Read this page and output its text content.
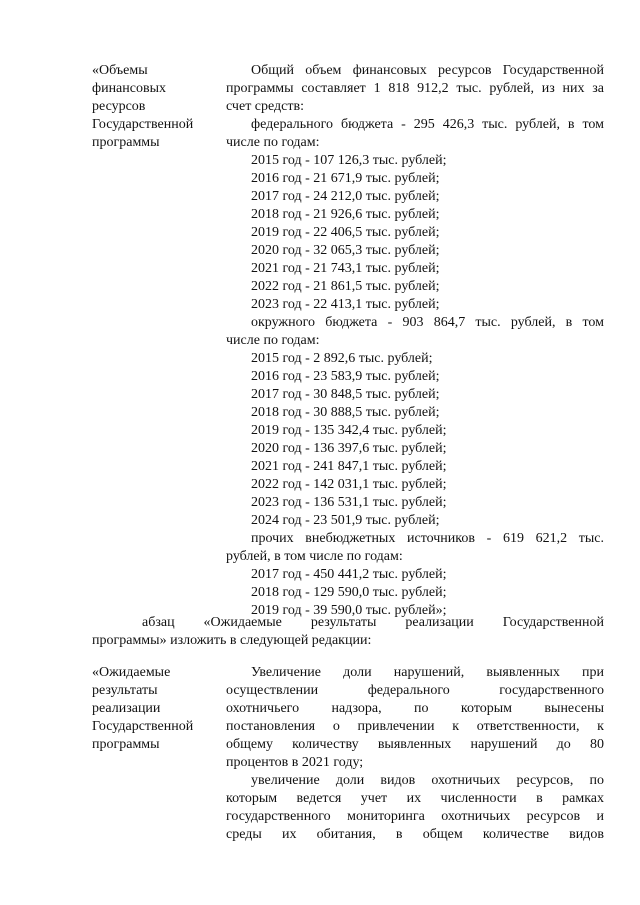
«Объемы
финансовых
ресурсов
Государственной
программы
Общий объем финансовых ресурсов Государственной
программы составляет 1 818 912,2 тыс. рублей, из них за
счет средств:
федерального бюджета - 295 426,3 тыс. рублей, в том
числе по годам:
2015 год - 107 126,3 тыс. рублей;
2016 год - 21 671,9 тыс. рублей;
2017 год - 24 212,0 тыс. рублей;
2018 год - 21 926,6 тыс. рублей;
2019 год - 22 406,5 тыс. рублей;
2020 год - 32 065,3 тыс. рублей;
2021 год - 21 743,1 тыс. рублей;
2022 год - 21 861,5 тыс. рублей;
2023 год - 22 413,1 тыс. рублей;
окружного бюджета - 903 864,7 тыс. рублей, в том
числе по годам:
2015 год - 2 892,6 тыс. рублей;
2016 год - 23 583,9 тыс. рублей;
2017 год - 30 848,5 тыс. рублей;
2018 год - 30 888,5 тыс. рублей;
2019 год - 135 342,4 тыс. рублей;
2020 год - 136 397,6 тыс. рублей;
2021 год - 241 847,1 тыс. рублей;
2022 год - 142 031,1 тыс. рублей;
2023 год - 136 531,1 тыс. рублей;
2024 год - 23 501,9 тыс. рублей;
прочих внебюджетных источников - 619 621,2 тыс.
рублей, в том числе по годам:
2017 год - 450 441,2 тыс. рублей;
2018 год - 129 590,0 тыс. рублей;
2019 год - 39 590,0 тыс. рублей»;
абзац «Ожидаемые результаты реализации Государственной
программы» изложить в следующей редакции:
«Ожидаемые
результаты
реализации
Государственной
программы
Увеличение доли нарушений, выявленных при
осуществлении федерального государственного
охотничьего надзора, по которым вынесены
постановления о привлечении к ответственности, к
общему количеству выявленных нарушений до 80
процентов в 2021 году;
увеличение доли видов охотничьих ресурсов, по
которым ведется учет их численности в рамках
государственного мониторинга охотничьих ресурсов и
среды их обитания, в общем количестве видов
